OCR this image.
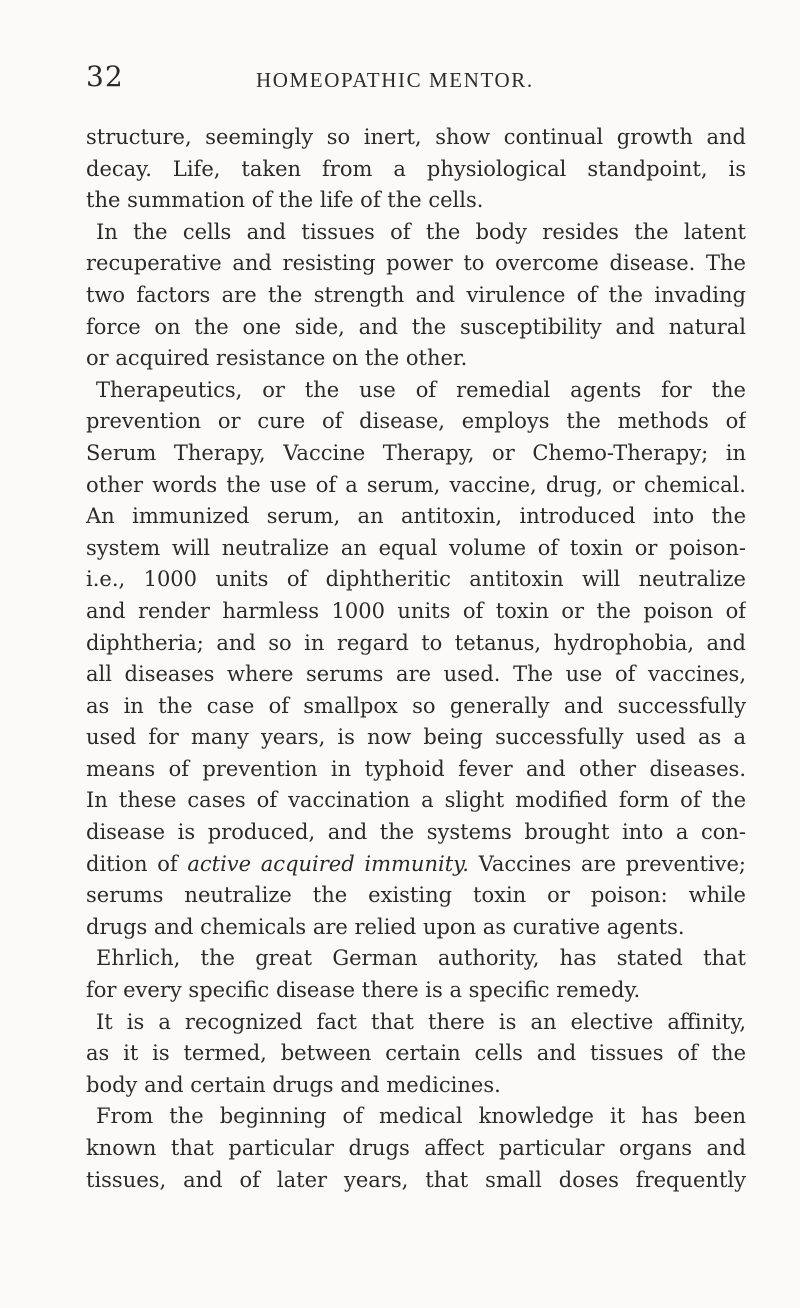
32	HOMEOPATHIC MENTOR.
structure, seemingly so inert, show continual growth and
decay. Life, taken from a physiological standpoint, is
the summation of the life of the cells.
In the cells and tissues of the body resides the latent
recuperative and resisting power to overcome disease. The
two factors are the strength and virulence of the invading
force on the one side, and the susceptibility and natural
or acquired resistance on the other.
Therapeutics, or the use of remedial agents for the
prevention or cure of disease, employs the methods of
Serum Therapy, Vaccine Therapy, or Chemo-Therapy; in
other words the use of a serum, vaccine, drug, or chemical.
An immunized serum, an antitoxin, introduced into the
system will neutralize an equal volume of toxin or poison-
i.e., 1000 units of diphtheritic antitoxin will neutralize
and render harmless 1000 units of toxin or the poison of
diphtheria; and so in regard to tetanus, hydrophobia, and
all diseases where serums are used. The use of vaccines,
as in the case of smallpox so generally and successfully
used for many years, is now being successfully used as a
means of prevention in typhoid fever and other diseases.
In these cases of vaccination a slight modified form of the
disease is produced, and the systems brought into a con-
dition of active acquired immunity. Vaccines are preventive;
serums neutralize the existing toxin or poison: while
drugs and chemicals are relied upon as curative agents.
Ehrlich, the great German authority, has stated that
for every specific disease there is a specific remedy.
It is a recognized fact that there is an elective affinity,
as it is termed, between certain cells and tissues of the
body and certain drugs and medicines.
From the beginning of medical knowledge it has been
known that particular drugs affect particular organs and
tissues, and of later years, that small doses frequently
